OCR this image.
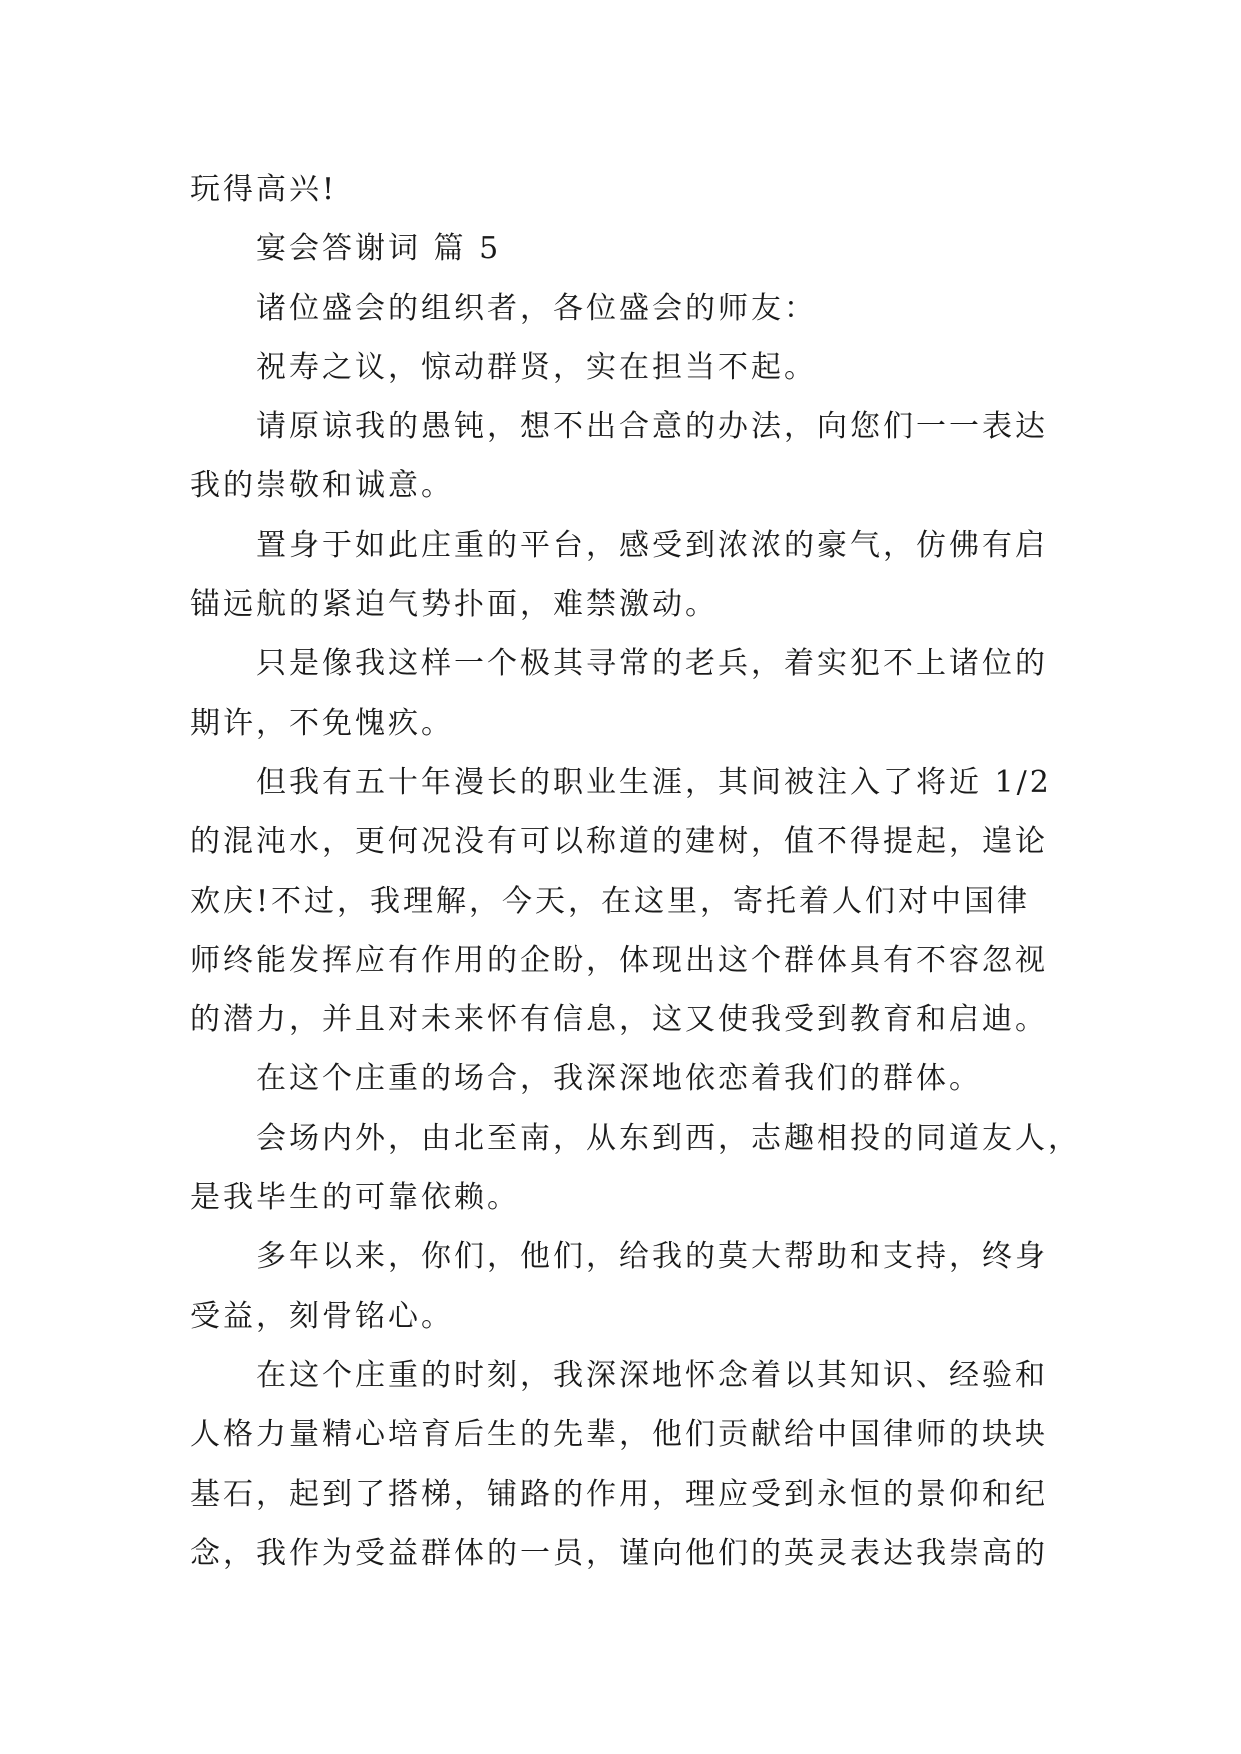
玩得高兴!
宴会答谢词 篇 5
诸位盛会的组织者，各位盛会的师友：
祝寿之议，惊动群贤，实在担当不起。
请原谅我的愚钝，想不出合意的办法，向您们一一表达
我的崇敬和诚意。
置身于如此庄重的平台，感受到浓浓的豪气，仿佛有启
锚远航的紧迫气势扑面，难禁激动。
只是像我这样一个极其寻常的老兵，着实犯不上诸位的
期许，不免愧疚。
但我有五十年漫长的职业生涯，其间被注入了将近 1/2
的混沌水，更何况没有可以称道的建树，值不得提起，遑论
欢庆!不过，我理解，今天，在这里，寄托着人们对中国律
师终能发挥应有作用的企盼，体现出这个群体具有不容忽视
的潜力，并且对未来怀有信息，这又使我受到教育和启迪。
在这个庄重的场合，我深深地依恋着我们的群体。
会场内外，由北至南，从东到西，志趣相投的同道友人，
是我毕生的可靠依赖。
多年以来，你们，他们，给我的莫大帮助和支持，终身
受益，刻骨铭心。
在这个庄重的时刻，我深深地怀念着以其知识、经验和
人格力量精心培育后生的先辈，他们贡献给中国律师的块块
基石，起到了搭梯，铺路的作用，理应受到永恒的景仰和纪
念，我作为受益群体的一员，谨向他们的英灵表达我崇高的
